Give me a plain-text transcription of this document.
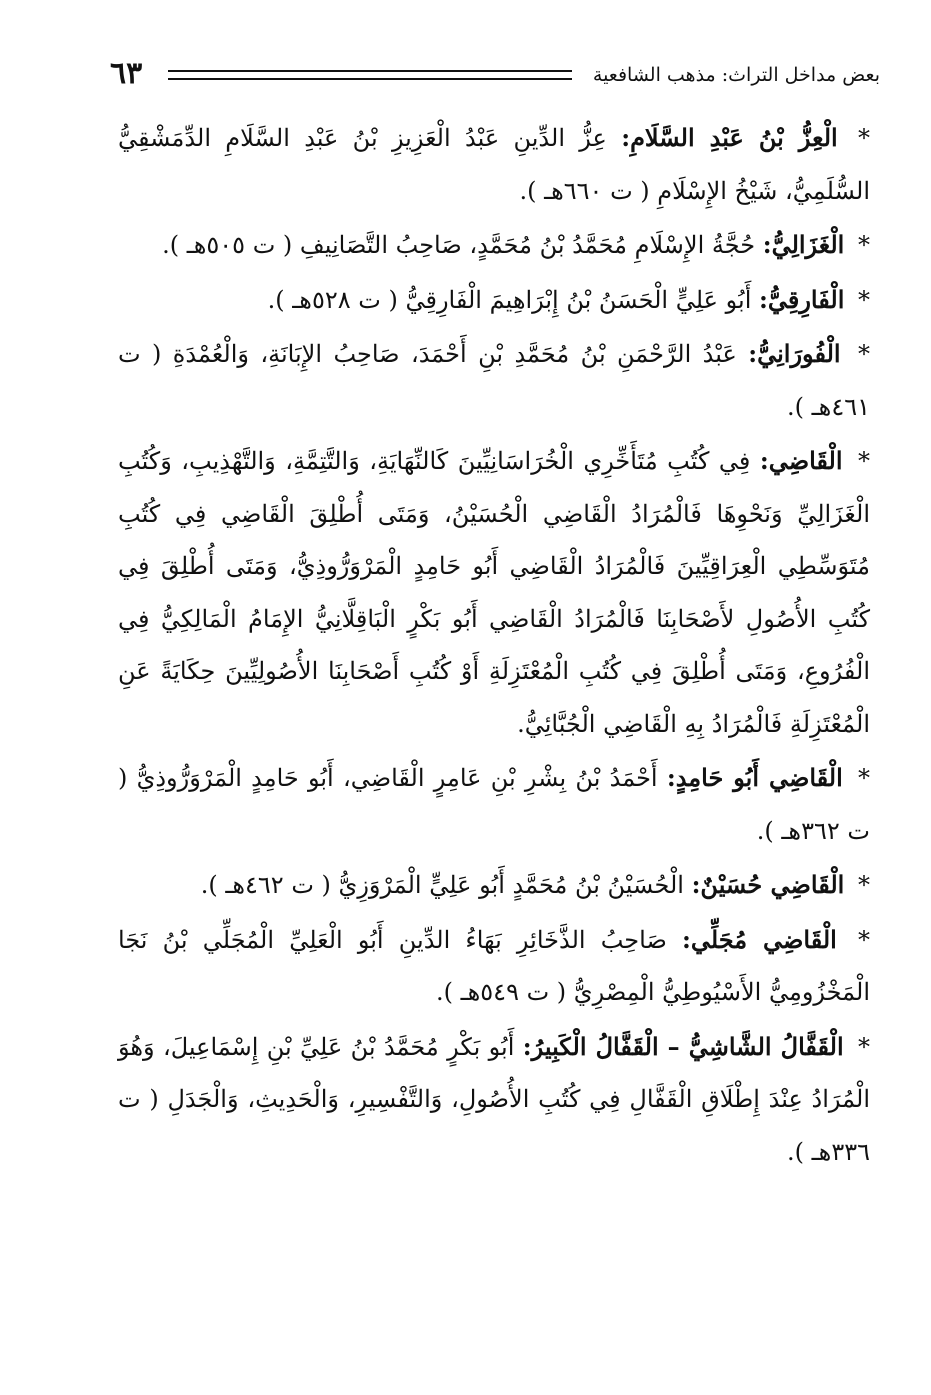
بعض مداخل التراث: مذهب الشافعية
٦٣

* الْعِزُّ بْنُ عَبْدِ السَّلَامِ: عِزُّ الدِّينِ عَبْدُ الْعَزِيزِ بْنُ عَبْدِ السَّلَامِ الدِّمَشْقِيُّ السُّلَمِيُّ، شَيْخُ الإِسْلَامِ ( ت ٦٦٠هـ ).

* الْغَزَالِيُّ: حُجَّةُ الإِسْلَامِ مُحَمَّدُ بْنُ مُحَمَّدٍ، صَاحِبُ التَّصَانِيفِ ( ت ٥٠٥هـ ).

* الْفَارِقِيُّ: أَبُو عَلِيٍّ الْحَسَنُ بْنُ إِبْرَاهِيمَ الْفَارِقِيُّ ( ت ٥٢٨هـ ).

* الْفُورَانِيُّ: عَبْدُ الرَّحْمَنِ بْنُ مُحَمَّدِ بْنِ أَحْمَدَ، صَاحِبُ الإِبَانَةِ، وَالْعُمْدَةِ ( ت ٤٦١هـ ).

* الْقَاضِي: فِي كُتُبِ مُتَأَخِّرِي الْخُرَاسَانِيِّينَ كَالنِّهَايَةِ، وَالتَّتِمَّةِ، وَالتَّهْذِيبِ، وَكُتُبِ الْغَزَالِيِّ وَنَحْوِهَا فَالْمُرَادُ الْقَاضِي الْحُسَيْنُ، وَمَتَى أُطْلِقَ الْقَاضِي فِي كُتُبِ مُتَوَسِّطِي الْعِرَاقِيِّينَ فَالْمُرَادُ الْقَاضِي أَبُو حَامِدٍ الْمَرْوَرُّوذِيُّ، وَمَتَى أُطْلِقَ فِي كُتُبِ الأُصُولِ لأَصْحَابِنَا فَالْمُرَادُ الْقَاضِي أَبُو بَكْرٍ الْبَاقِلَّانِيُّ الإِمَامُ الْمَالِكِيُّ فِي الْفُرُوعِ، وَمَتَى أُطْلِقَ فِي كُتُبِ الْمُعْتَزِلَةِ أَوْ كُتُبِ أَصْحَابِنَا الأُصُولِيِّينَ حِكَايَةً عَنِ الْمُعْتَزِلَةِ فَالْمُرَادُ بِهِ الْقَاضِي الْجُبَّائِيُّ.

* الْقَاضِي أَبُو حَامِدٍ: أَحْمَدُ بْنُ بِشْرِ بْنِ عَامِرٍ الْقَاضِي، أَبُو حَامِدٍ الْمَرْوَرُّوذِيُّ ( ت ٣٦٢هـ ).

* الْقَاضِي حُسَيْنٌ: الْحُسَيْنُ بْنُ مُحَمَّدٍ أَبُو عَلِيٍّ الْمَرْوَزِيُّ ( ت ٤٦٢هـ ).

* الْقَاضِي مُجَلِّي: صَاحِبُ الذَّخَائِرِ بَهَاءُ الدِّينِ أَبُو الْعَلِيِّ الْمُجَلِّي بْنُ نَجَا الْمَخْزُومِيُّ الأَسْيُوطِيُّ الْمِصْرِيُّ ( ت ٥٤٩هـ ).

* الْقَفَّالُ الشَّاشِيُّ – الْقَفَّالُ الْكَبِيرُ: أَبُو بَكْرٍ مُحَمَّدُ بْنُ عَلِيِّ بْنِ إِسْمَاعِيلَ، وَهُوَ الْمُرَادُ عِنْدَ إِطْلَاقِ الْقَفَّالِ فِي كُتُبِ الأُصُولِ، وَالتَّفْسِيرِ، وَالْحَدِيثِ، وَالْجَدَلِ ( ت ٣٣٦هـ ).
